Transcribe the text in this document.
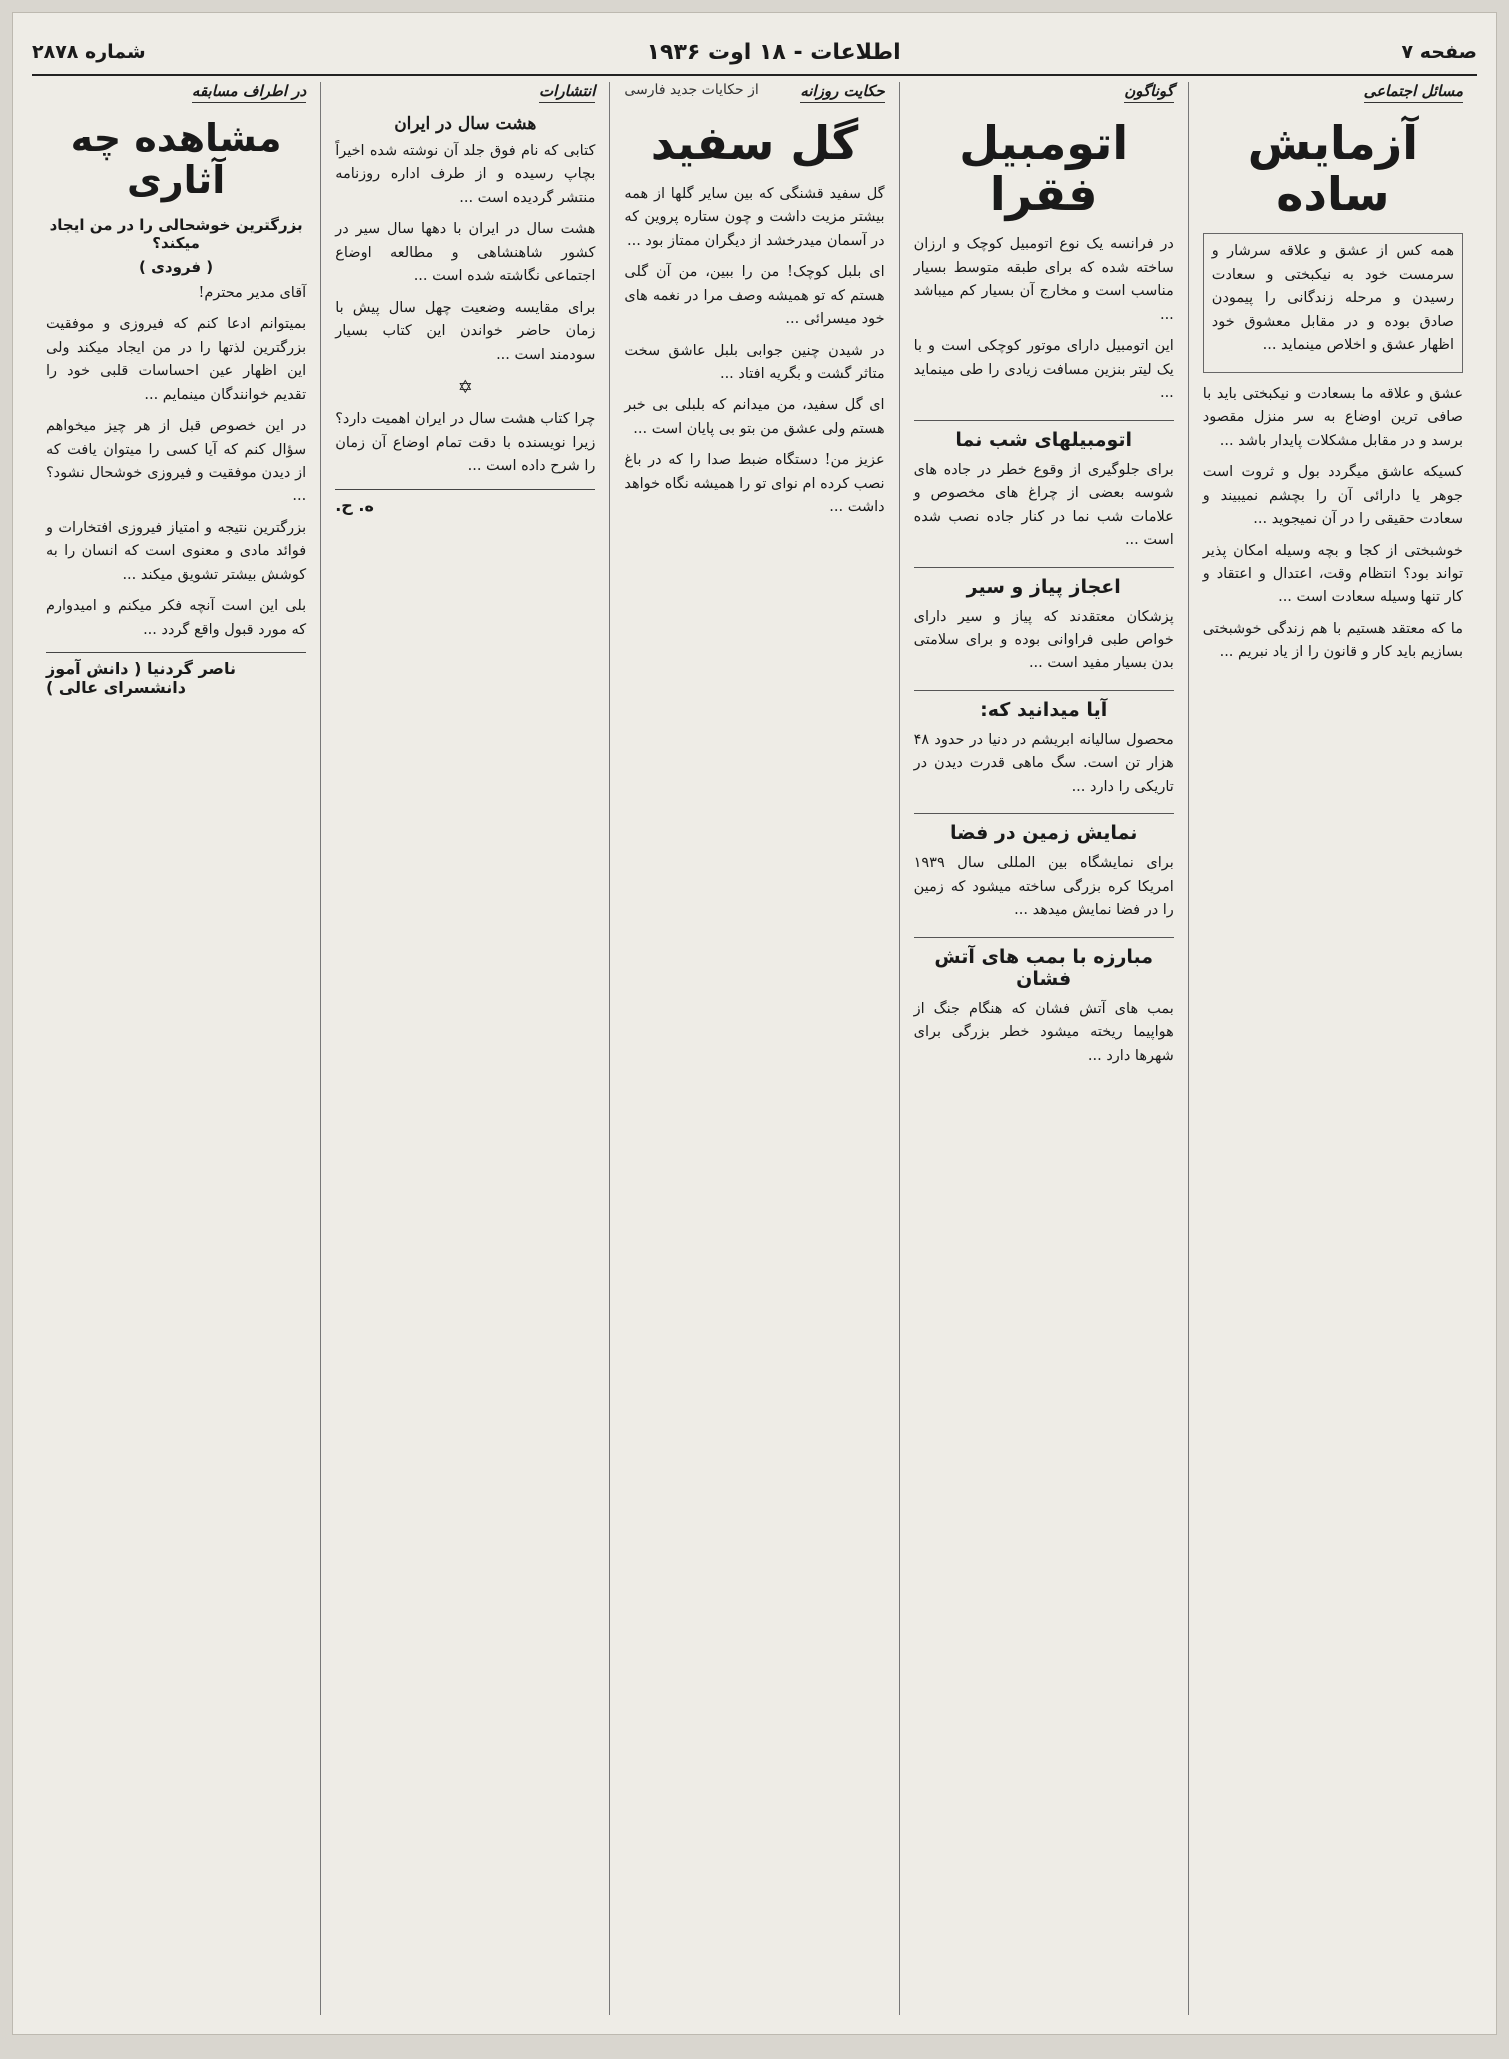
صفحه ۷
اطلاعات - ۱۸ اوت ۱۹۳۶
شماره ۲۸۷۸
مسائل اجتماعی
آزمایش ساده

همه کس از عشق و علاقه سرشار و سرمست خود به نیکبختی و سعادت رسیدن و مرحله زندگانی را پیمودن صادق بوده و در مقابل معشوق خود اظهار عشق و اخلاص مینماید ...

عشق و علاقه ما بسعادت و نیکبختی باید با صافی ترین اوضاع به سر منزل مقصود برسد و در مقابل مشکلات پایدار باشد ...

کسیکه عاشق میگردد بول و ثروت است جوهر یا دارائی آن را بچشم نمیبیند و سعادت حقیقی را در آن نمیجوید ...

خوشبختی از کجا و بچه وسیله امکان پذیر تواند بود؟ انتظام وقت، اعتدال و اعتقاد و کار تنها وسیله سعادت است ...

ما که معتقد هستیم با هم زندگی خوشبختی بسازیم باید کار و قانون را از یاد نبریم ...

گوناگون
اتومبیل فقرا

در فرانسه یک نوع اتومبیل کوچک و ارزان ساخته شده که برای طبقه متوسط بسیار مناسب است و مخارج آن بسیار کم میباشد ...

این اتومبیل دارای موتور کوچکی است و با یک لیتر بنزین مسافت زیادی را طی مینماید ...

اتومبیلهای شب نما

برای جلوگیری از وقوع خطر در جاده های شوسه بعضی از چراغ های مخصوص و علامات شب نما در کنار جاده نصب شده است ...

اعجاز پیاز و سیر

پزشکان معتقدند که پیاز و سیر دارای خواص طبی فراوانی بوده و برای سلامتی بدن بسیار مفید است ...

آیا میدانید که:

محصول سالیانه ابریشم در دنیا در حدود ۴۸ هزار تن است. سگ ماهی قدرت دیدن در تاریکی را دارد ...

نمایش زمین در فضا

برای نمایشگاه بین المللی سال ۱۹۳۹ امریکا کره بزرگی ساخته میشود که زمین را در فضا نمایش میدهد ...

مبارزه با بمب های آتش فشان

بمب های آتش فشان که هنگام جنگ از هواپیما ریخته میشود خطر بزرگی برای شهرها دارد ...

حکایت روزانه
از حکایات جدید فارسی
گل سفید

گل سفید قشنگی که بین سایر گلها از همه بیشتر مزیت داشت و چون ستاره پروین که در آسمان میدرخشد از دیگران ممتاز بود ...

ای بلبل کوچک! من را ببین، من آن گلی هستم که تو همیشه وصف مرا در نغمه های خود میسرائی ...

در شیدن چنین جوابی بلبل عاشق سخت متاثر گشت و بگریه افتاد ...

ای گل سفید، من میدانم که بلبلی بی خبر هستم ولی عشق من بتو بی پایان است ...

عزیز من! دستگاه ضبط صدا را که در باغ نصب کرده ام نوای تو را همیشه نگاه خواهد داشت ...

انتشارات
هشت سال در ایران

کتابی که نام فوق جلد آن نوشته شده اخیراً بچاپ رسیده و از طرف اداره روزنامه منتشر گردیده است ...

هشت سال در ایران با دهها سال سیر در کشور شاهنشاهی و مطالعه اوضاع اجتماعی نگاشته شده است ...

برای مقایسه وضعیت چهل سال پیش با زمان حاضر خواندن این کتاب بسیار سودمند است ...

✡

چرا کتاب هشت سال در ایران اهمیت دارد؟ زیرا نویسنده با دقت تمام اوضاع آن زمان را شرح داده است ...

ه. ح.
در اطراف مسابقه
مشاهده چه آثاری
بزرگترین خوشحالی را در من ایجاد میکند؟
( فرودی )

آقای مدیر محترم!

بمیتوانم ادعا کنم که فیروزی و موفقیت بزرگترین لذتها را در من ایجاد میکند ولی این اظهار عین احساسات قلبی خود را تقدیم خوانندگان مینمایم ...

در این خصوص قبل از هر چیز میخواهم سؤال کنم که آیا کسی را میتوان یافت که از دیدن موفقیت و فیروزی خوشحال نشود؟ ...

بزرگترین نتیجه و امتیاز فیروزی افتخارات و فوائد مادی و معنوی است که انسان را به کوشش بیشتر تشویق میکند ...

بلی این است آنچه فکر میکنم و امیدوارم که مورد قبول واقع گردد ...

ناصر گردنیا ( دانش آموز دانشسرای عالی )
